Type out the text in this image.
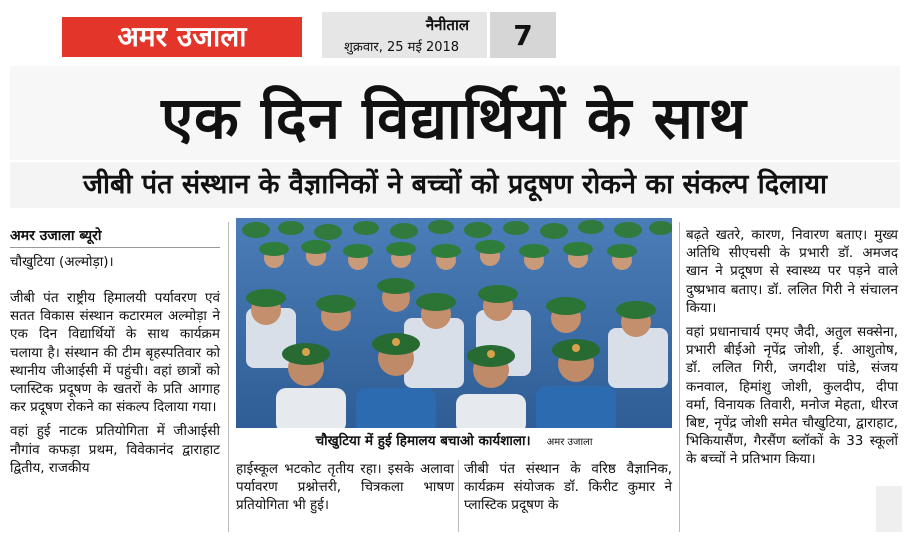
अमर उजाला	नैनीताल
शुक्रवार, 25 मई 2018	7
एक दिन विद्यार्थियों के साथ
जीबी पंत संस्थान के वैज्ञानिकों ने बच्चों को प्रदूषण रोकने का संकल्प दिलाया
अमर उजाला ब्यूरो
चौखुटिया (अल्मोड़ा)।

जीबी पंत राष्ट्रीय हिमालयी पर्यावरण एवं सतत विकास संस्थान कटारमल अल्मोड़ा ने एक दिन विद्यार्थियों के साथ कार्यक्रम चलाया है। संस्थान की टीम बृहस्पतिवार को स्थानीय जीआईसी में पहुंची। वहां छात्रों को प्लास्टिक प्रदूषण के खतरों के प्रति आगाह कर प्रदूषण रोकने का संकल्प दिलाया गया।

वहां हुई नाटक प्रतियोगिता में जीआईसी नौगांव कफड़ा प्रथम, विवेकानंद द्वाराहाट द्वितीय, राजकीय

चौखुटिया में हुई हिमालय बचाओ कार्यशाला। अमर उजाला
हाईस्कूल भटकोट तृतीय रहा। इसके अलावा पर्यावरण प्रश्नोत्तरी, चित्रकला भाषण प्रतियोगिता भी हुई।
जीबी पंत संस्थान के वरिष्ठ वैज्ञानिक, कार्यक्रम संयोजक डॉ. किरीट कुमार ने प्लास्टिक प्रदूषण के

बढ़ते खतरे, कारण, निवारण बताए। मुख्य अतिथि सीएचसी के प्रभारी डॉ. अमजद खान ने प्रदूषण से स्वास्थ्य पर पड़ने वाले दुष्प्रभाव बताए। डॉ. ललित गिरी ने संचालन किया।

वहां प्रधानाचार्य एमए जैदी, अतुल सक्सेना, प्रभारी बीईओ नृपेंद्र जोशी, ई. आशुतोष, डॉ. ललित गिरी, जगदीश पांडे, संजय कनवाल, हिमांशु जोशी, कुलदीप, दीपा वर्मा, विनायक तिवारी, मनोज मेहता, धीरज बिष्ट, नृपेंद्र जोशी समेत चौखुटिया, द्वाराहाट, भिकियासैंण, गैरसैंण ब्लॉकों के 33 स्कूलों के बच्चों ने प्रतिभाग किया।
